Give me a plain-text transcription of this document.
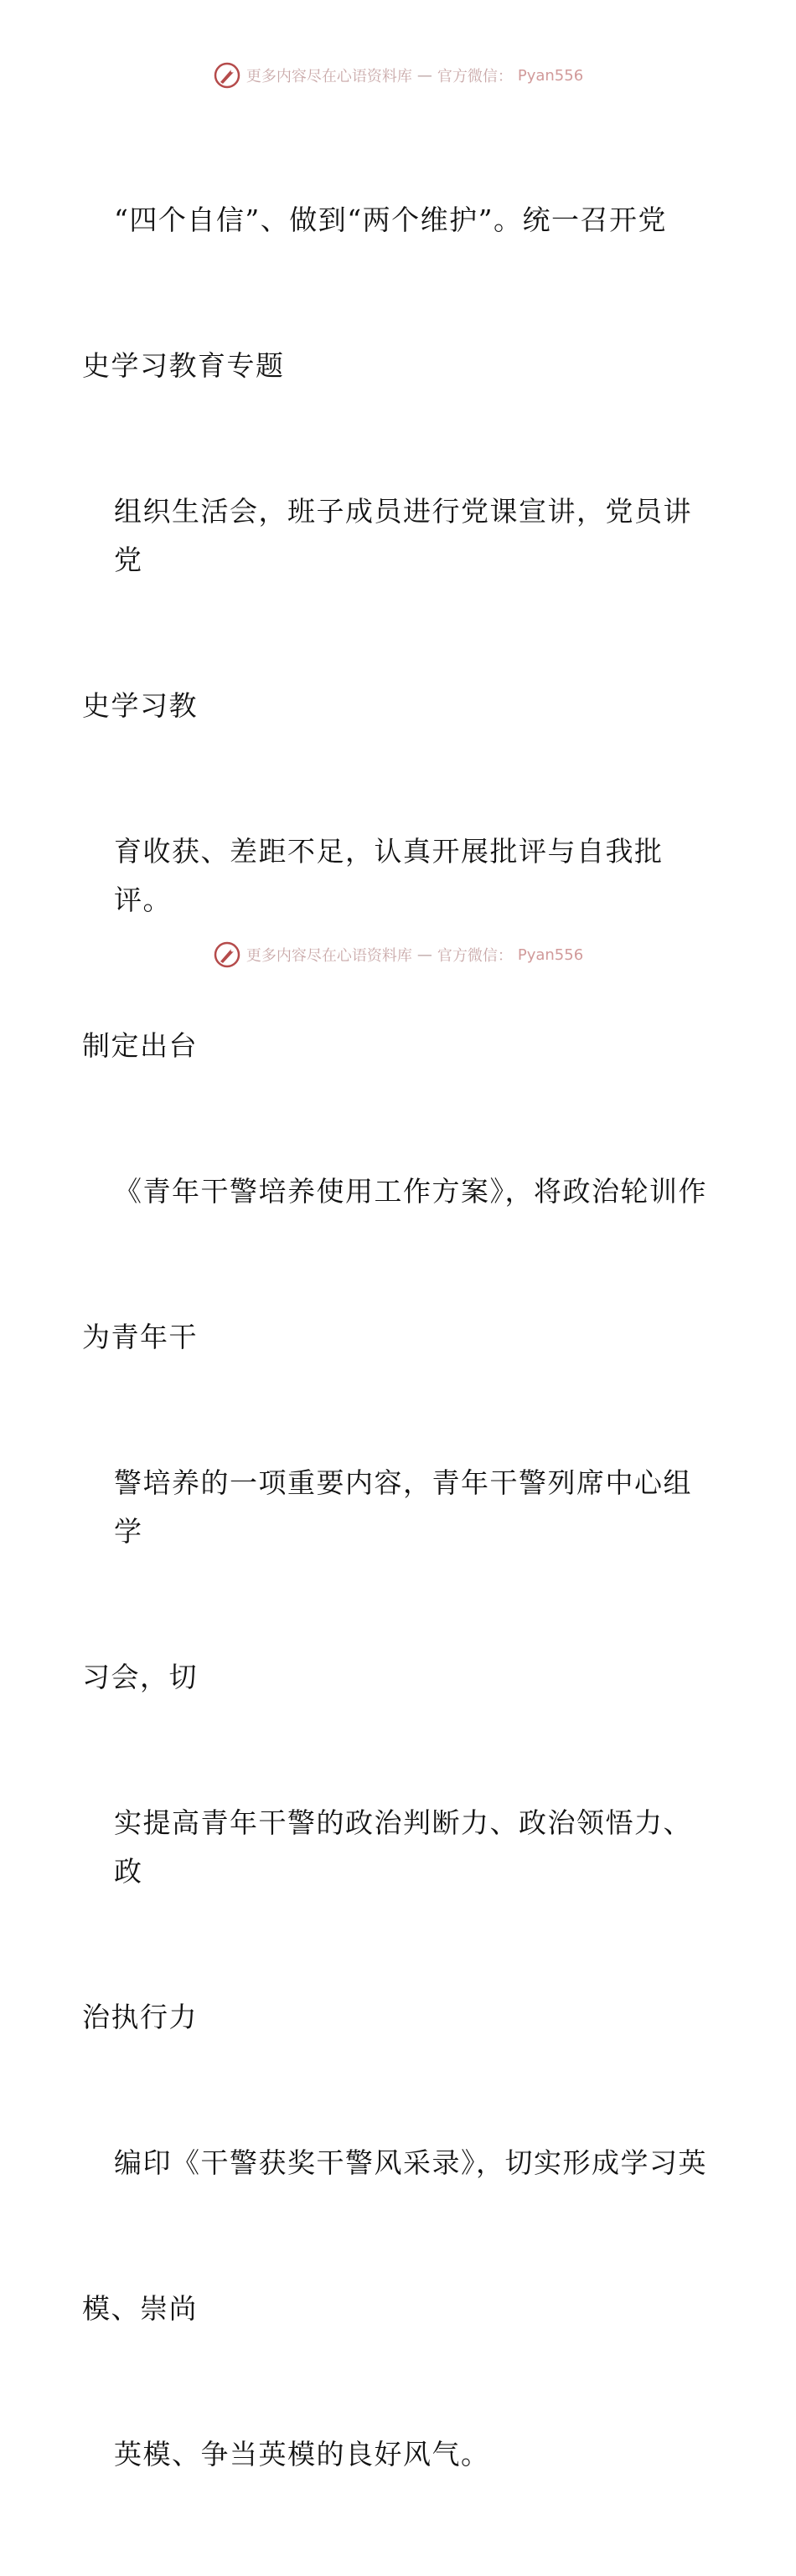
更多内容尽在心语资料库 — 官方微信： Pyan556

“四个自信”、做到“两个维护”。统一召开党

史学习教育专题

组织生活会，班子成员进行党课宣讲，党员讲党

史学习教

育收获、差距不足，认真开展批评与自我批评。

制定出台

《青年干警培养使用工作方案》，将政治轮训作

为青年干

警培养的一项重要内容，青年干警列席中心组学

习会，切

实提高青年干警的政治判断力、政治领悟力、政

治执行力

编印《干警获奖干警风采录》，切实形成学习英

模、崇尚

英模、争当英模的良好风气。

更多内容尽在心语资料库 — 官方微信： Pyan556
